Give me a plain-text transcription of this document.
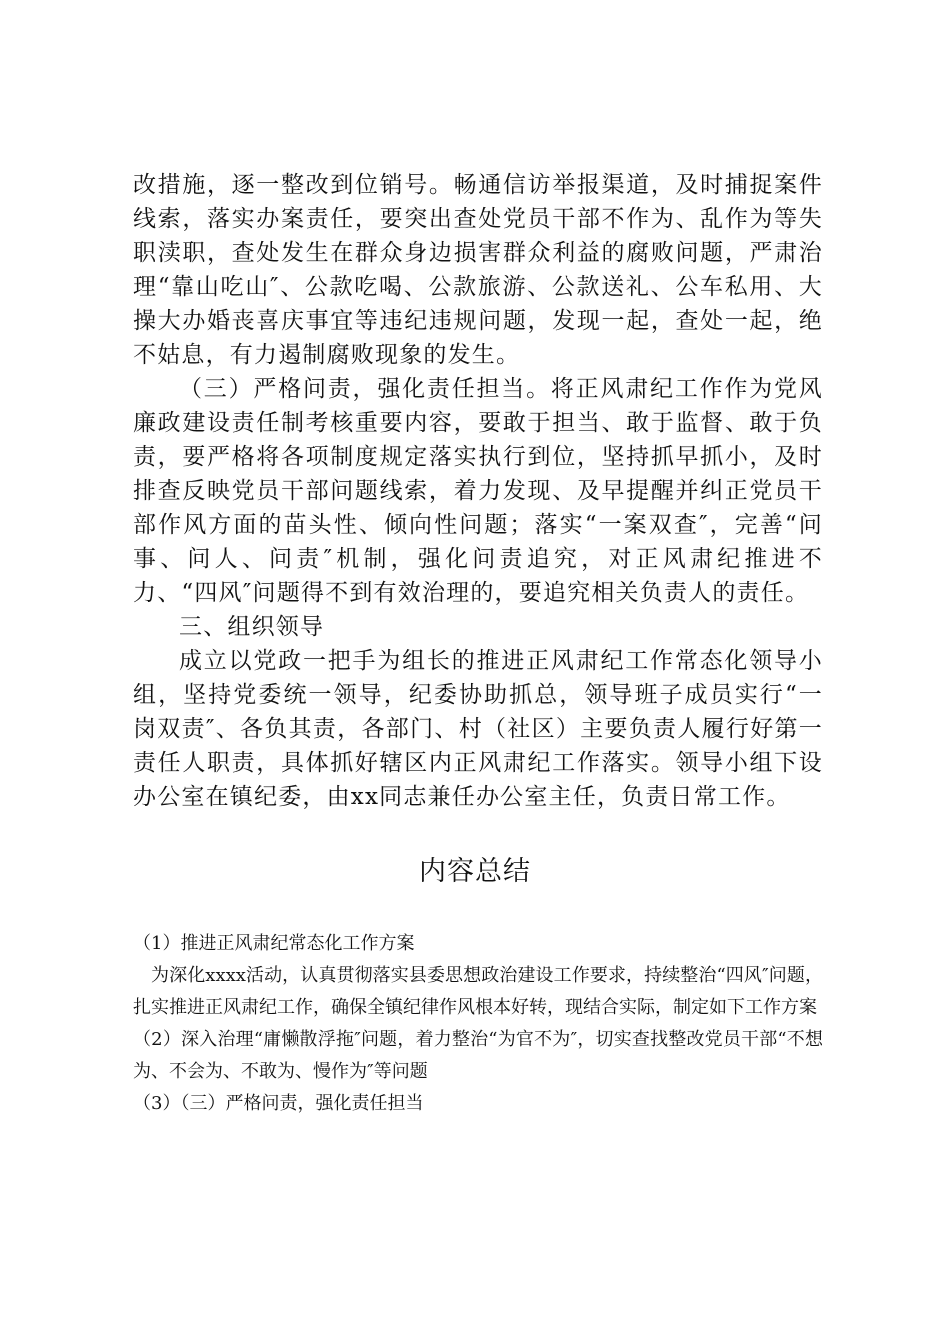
改措施，逐一整改到位销号。畅通信访举报渠道，及时捕捉案件线索，落实办案责任，要突出查处党员干部不作为、乱作为等失职渎职，查处发生在群众身边损害群众利益的腐败问题，严肃治理“靠山吃山″、公款吃喝、公款旅游、公款送礼、公车私用、大操大办婚丧喜庆事宜等违纪违规问题，发现一起，查处一起，绝不姑息，有力遏制腐败现象的发生。

（三）严格问责，强化责任担当。将正风肃纪工作作为党风廉政建设责任制考核重要内容，要敢于担当、敢于监督、敢于负责，要严格将各项制度规定落实执行到位，坚持抓早抓小，及时排查反映党员干部问题线索，着力发现、及早提醒并纠正党员干部作风方面的苗头性、倾向性问题；落实“一案双查″，完善“问事、问人、问责″机制，强化问责追究，对正风肃纪推进不力、“四风″问题得不到有效治理的，要追究相关负责人的责任。

三、组织领导

成立以党政一把手为组长的推进正风肃纪工作常态化领导小组，坚持党委统一领导，纪委协助抓总，领导班子成员实行“一岗双责″、各负其责，各部门、村（社区）主要负责人履行好第一责任人职责，具体抓好辖区内正风肃纪工作落实。领导小组下设办公室在镇纪委，由xx同志兼任办公室主任，负责日常工作。

内容总结

（1）推进正风肃纪常态化工作方案

为深化xxxx活动，认真贯彻落实县委思想政治建设工作要求，持续整治“四风″问题，扎实推进正风肃纪工作，确保全镇纪律作风根本好转，现结合实际，制定如下工作方案

（2）深入治理“庸懒散浮拖″问题，着力整治“为官不为″，切实查找整改党员干部“不想为、不会为、不敢为、慢作为″等问题

（3）（三）严格问责，强化责任担当
